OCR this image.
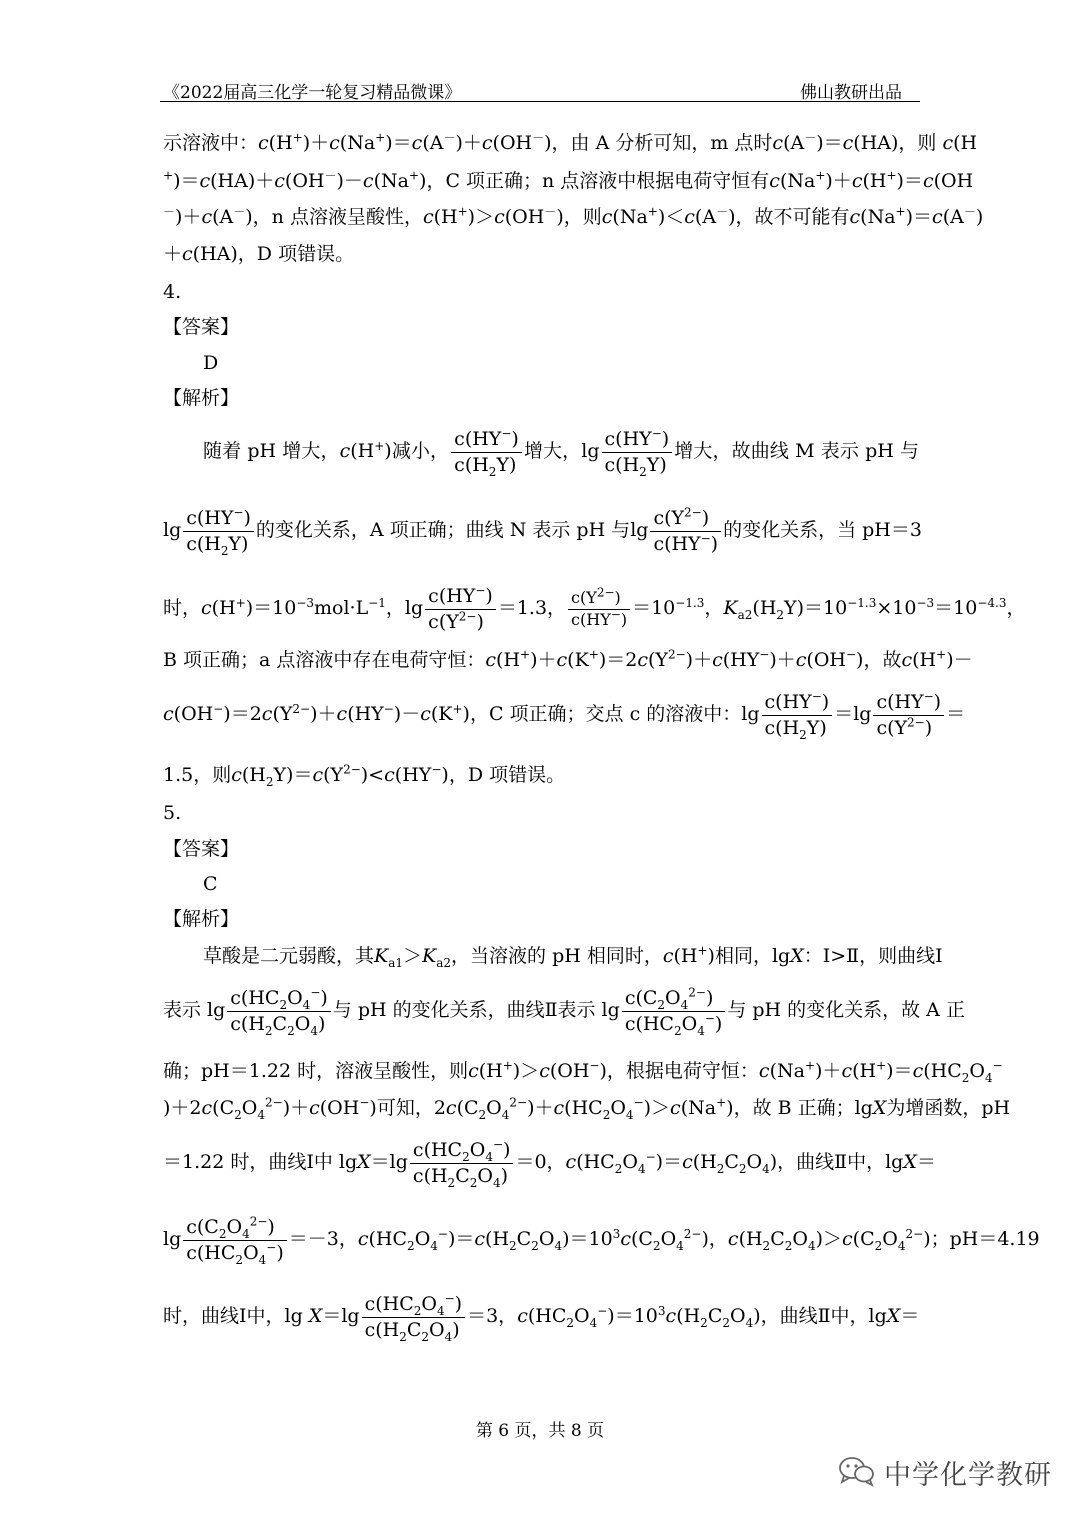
《2022届高三化学一轮复习精品微课》	佛山教研出品
示溶液中：c(H+)＋c(Na+)＝c(A－)＋c(OH－)，由 A 分析可知，m 点时c(A－)＝c(HA)，则 c(H
+)＝c(HA)＋c(OH－)－c(Na+)，C 项正确；n 点溶液中根据电荷守恒有c(Na+)＋c(H+)＝c(OH
－)＋c(A－)，n 点溶液呈酸性，c(H+)＞c(OH－)，则c(Na+)＜c(A－)，故不可能有c(Na+)＝c(A－)
＋c(HA)，D 项错误。
4.
【答案】
D
【解析】
随着 pH 增大，c(H+)减小， $\frac{c(HY^-)}{c(H_2Y)}$ 增大，$\lg \frac{c(HY^-)}{c(H_2Y)}$ 增大，故曲线 M 表示 pH 与
$\lg \frac{c(HY^-)}{c(H_2Y)}$ 的变化关系，A 项正确；曲线 N 表示 pH 与$\lg \frac{c(Y^{2-})}{c(HY^-)}$ 的变化关系，当 pH＝3
时，$c(H^+)=10^{-3}mol\cdot L^{-1}$，$\lg \frac{c(HY^-)}{c(Y^{2-})} =1.3$， $\frac{c(Y^{2-})}{c(HY^-)} =10^{-1.3}$，$K_{a2}(H_2Y)=10^{-1.3}\times 10^{-3}=10^{-4.3}$，
B 项正确；a 点溶液中存在电荷守恒：$c(H^+)+c(K^+)=2c(Y^{2-})+c(HY^-)+c(OH^-)$，故c(H+)－
$c(OH^-)=2c(Y^{2-})+c(HY^-)-c(K^+)$，C 项正确；交点 c 的溶液中：$\lg \frac{c(HY^-)}{c(H_2Y)} =\lg \frac{c(HY^-)}{c(Y^{2-})}$ ＝
1.5，则$c(H_2Y)=c(Y^{2-})<c(HY^-)$，D 项错误。
5.
【答案】
C
【解析】
草酸是二元弱酸，其$K_{a1}>K_{a2}$，当溶液的 pH 相同时，c(H+)相同，lgX：Ⅰ>Ⅱ，则曲线Ⅰ
表示 $\lg \frac{c(HC_2O_4^-)}{c(H_2C_2O_4)}$ 与 pH 的变化关系，曲线Ⅱ表示 $\lg \frac{c(C_2O_4^{2-})}{c(HC_2O_4^-)}$ 与 pH 的变化关系，故 A 正
确；pH＝1.22 时，溶液呈酸性，则c(H+)＞c(OH−)，根据电荷守恒：$c(Na^+)+c(H^+)=c(HC_2O_4^-$
)$+2c(C_2O_4^{2-})+c(OH^-)$可知，$2c(C_2O_4^{2-})+c(HC_2O_4^-)>c(Na^+)$，故 B 正确；lgX为增函数，pH
＝1.22 时，曲线Ⅰ中 $\lg X=\lg \frac{c(HC_2O_4^-)}{c(H_2C_2O_4)} =0$，$c(HC_2O_4^-)=c(H_2C_2O_4)$，曲线Ⅱ中，lgX＝
$\lg \frac{c(C_2O_4^{2-})}{c(HC_2O_4^-)} =-3$，$c(HC_2O_4^-)=c(H_2C_2O_4)=10^3c(C_2O_4^{2-})$，$c(H_2C_2O_4)>c(C_2O_4^{2-})$；pH＝4.19
时，曲线Ⅰ中，$\lg X=\lg \frac{c(HC_2O_4^-)}{c(H_2C_2O_4)} =3$，$c(HC_2O_4^-)=10^3c(H_2C_2O_4)$，曲线Ⅱ中，lgX＝
第 6 页，共 8 页
中学化学教研
